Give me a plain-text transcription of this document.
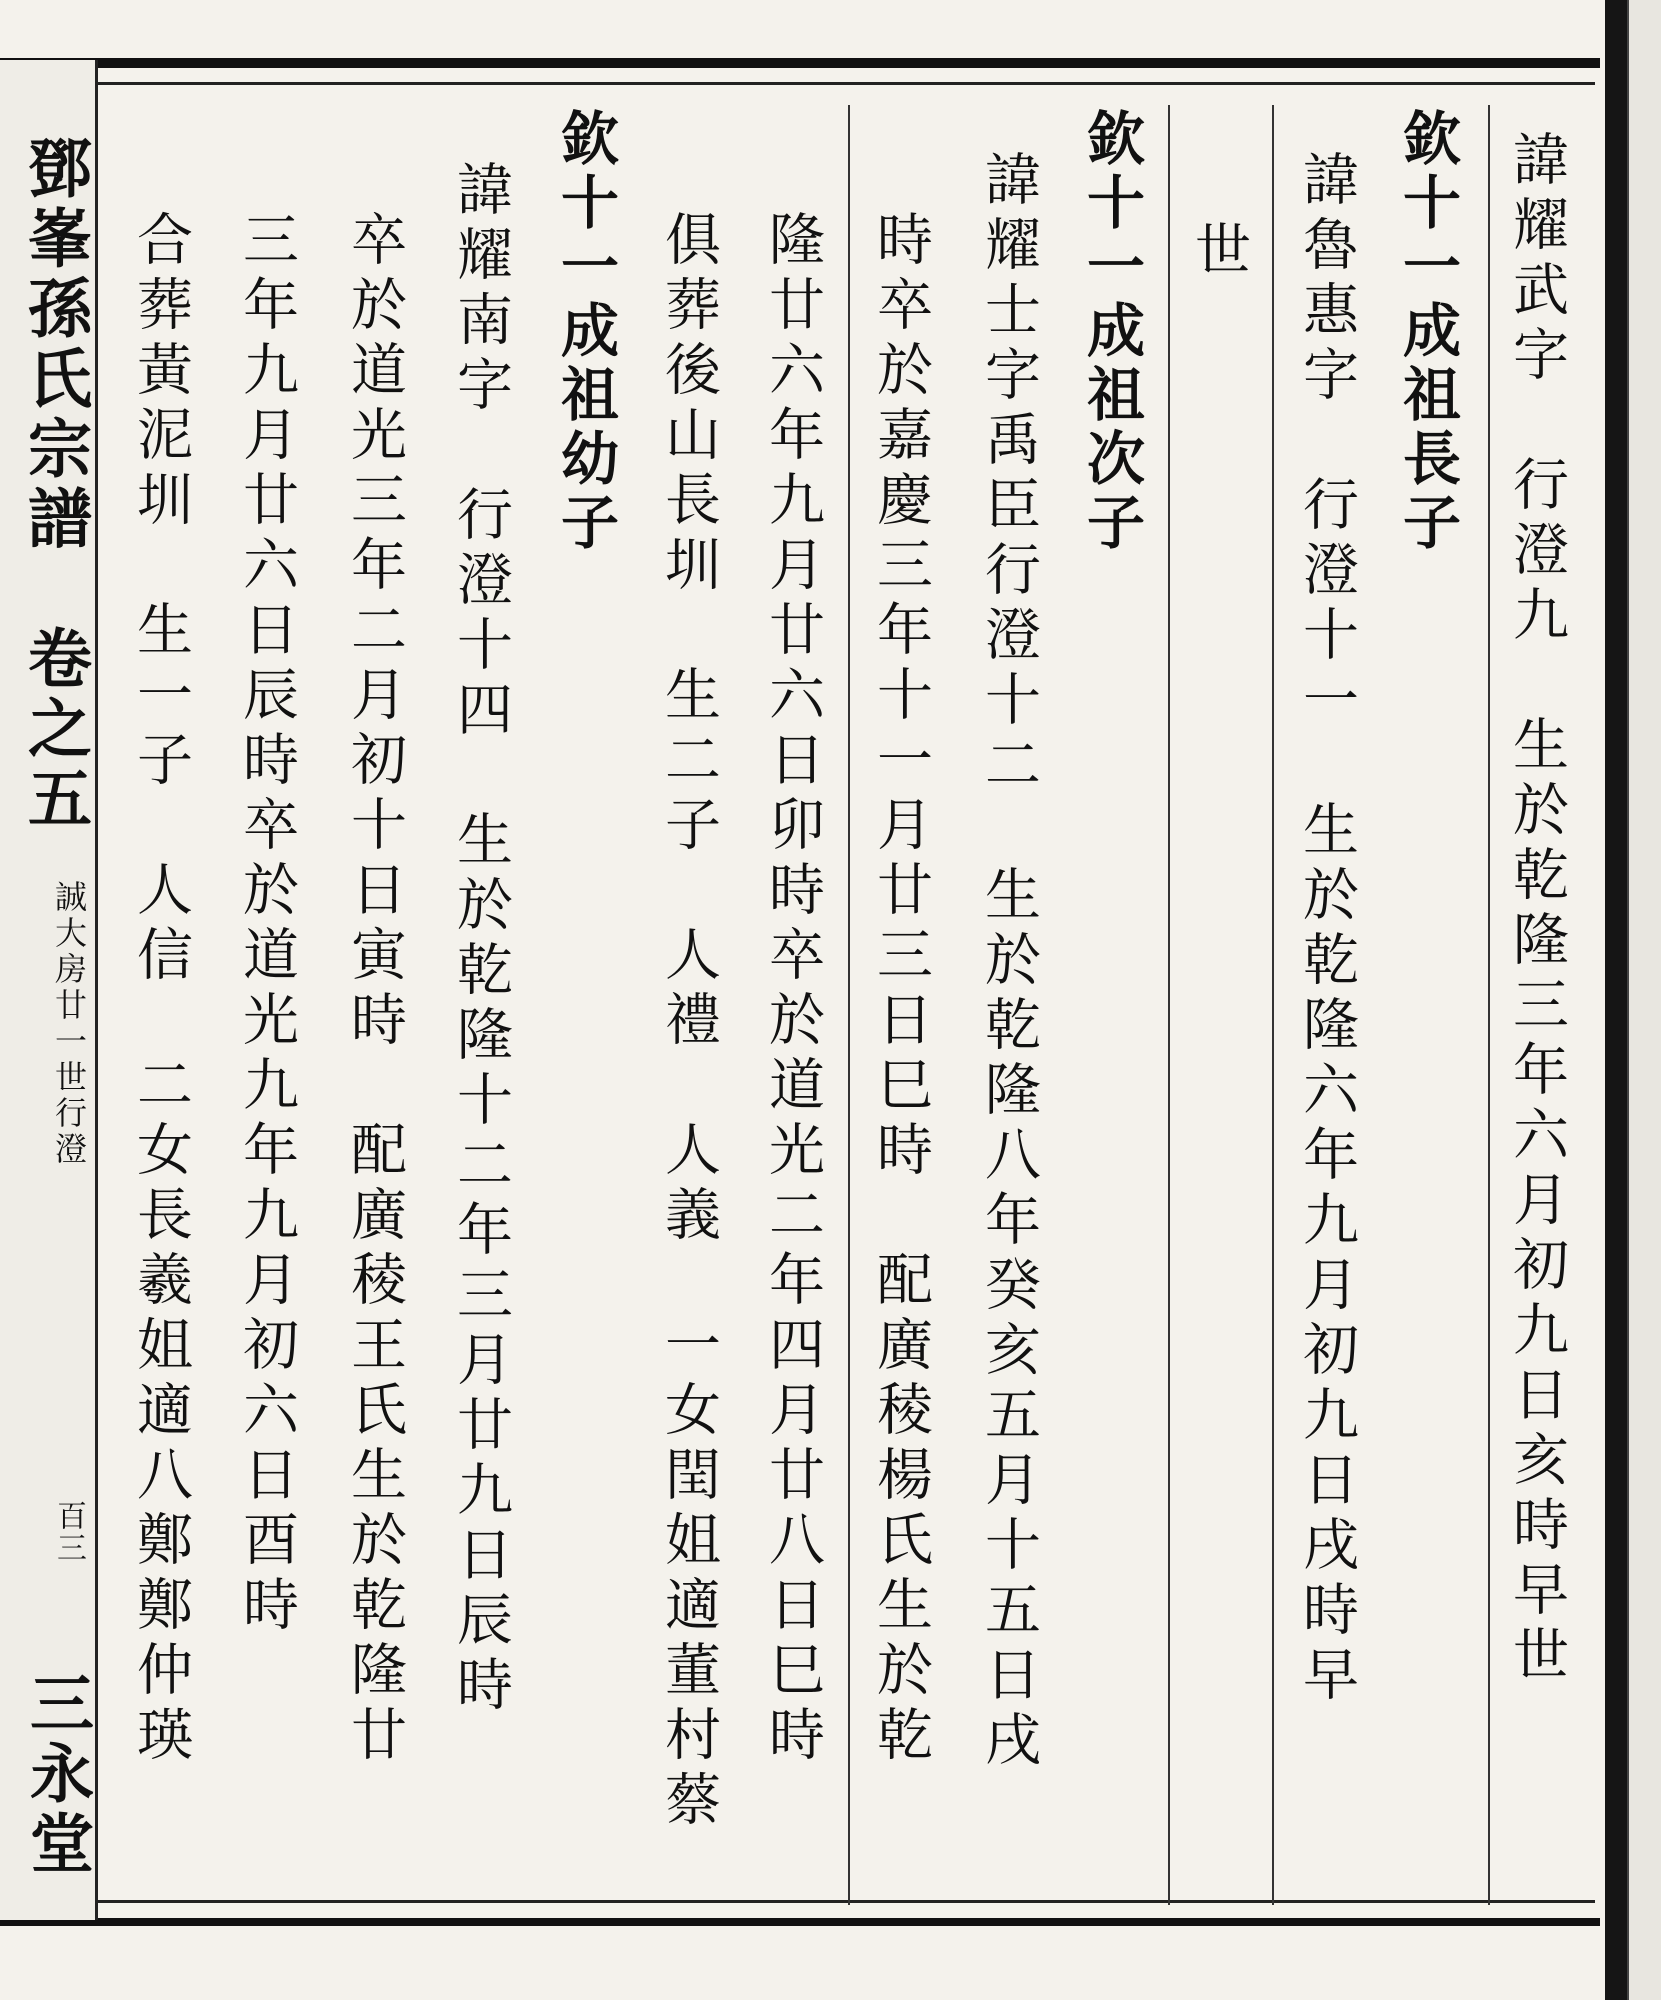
鄧峯孫氏宗譜　卷之五
誠大房廿一世行澄
百三
三永堂
諱耀武字　行澄九　生於乾隆三年六月初九日亥時早世
欽十一成祖長子
諱魯惠字　行澄十一　生於乾隆六年九月初九日戌時早
世
欽十一成祖次子
諱耀士字禹臣行澄十二　生於乾隆八年癸亥五月十五日戌
時卒於嘉慶三年十一月廿三日巳時　配廣稜楊氏生於乾
隆廿六年九月廿六日卯時卒於道光二年四月廿八日巳時
俱葬後山長圳　生二子　人禮　人義　一女閏姐適董村蔡
欽十一成祖幼子
諱耀南字　行澄十四　生於乾隆十二年三月廿九日辰時
卒於道光三年二月初十日寅時　配廣稜王氏生於乾隆廿
三年九月廿六日辰時卒於道光九年九月初六日酉時
合葬黃泥圳　生一子　人信　二女長羲姐適八鄭鄭仲瑛
